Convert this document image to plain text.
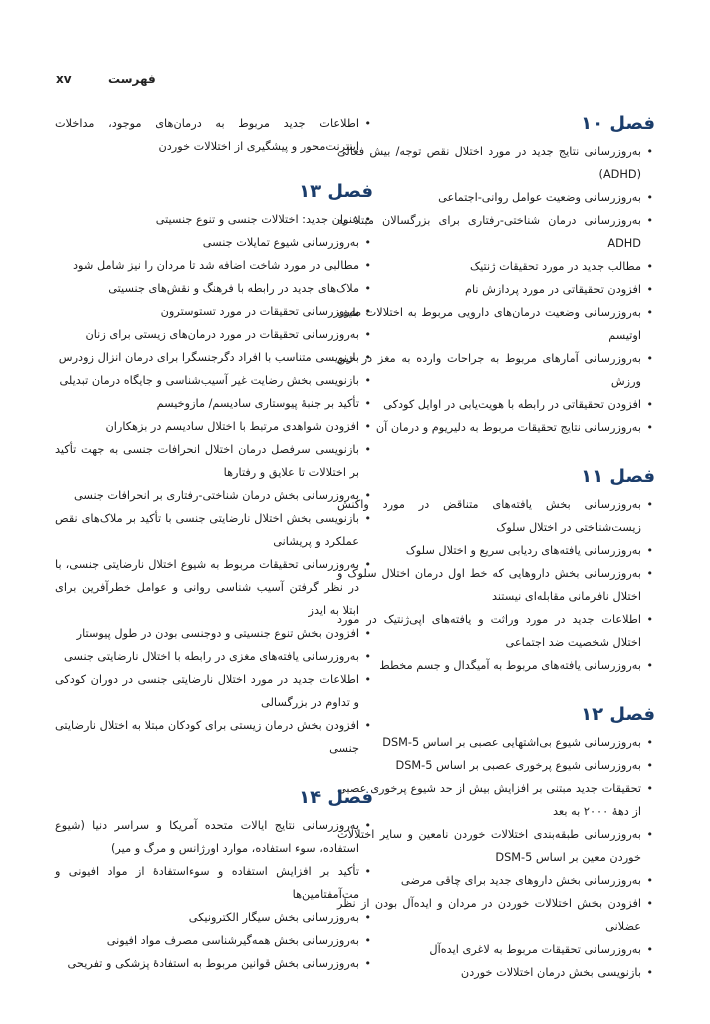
xv	فهرست
فصل ۱۰
• به‌روزرسانی نتایج جدید در مورد اختلال نقص توجه/ بیش فعالی (ADHD)
• به‌روزرسانی وضعیت عوامل روانی-اجتماعی
• به‌روزرسانی درمان شناختی-رفتاری برای بزرگسالان مبتلا به ADHD
• مطالب جدید در مورد تحقیقات ژنتیک
• افزودن تحقیقاتی در مورد پردازش نام
• به‌روزرسانی وضعیت درمان‌های دارویی مربوط به اختلالات طیف اوتیسم
• به‌روزرسانی آمارهای مربوط به جراحات وارده به مغز در حین ورزش
• افزودن تحقیقاتی در رابطه با هویت‌یابی در اوایل کودکی
• به‌روزرسانی نتایج تحقیقات مربوط به دلیریوم و درمان آن
فصل ۱۱
• به‌روزرسانی بخش یافته‌های متناقض در مورد واکنش زیست‌شناختی در اختلال سلوک
• به‌روزرسانی یافته‌های ردیابی سریع و اختلال سلوک
• به‌روزرسانی بخش داروهایی که خط اول درمان اختلال سلوک و اختلال نافرمانی مقابله‌ای نیستند
• اطلاعات جدید در مورد وراثت و یافته‌های اپی‌ژنتیک در مورد اختلال شخصیت ضد اجتماعی
• به‌روزرسانی یافته‌های مربوط به آمیگدال و جسم مخطط
فصل ۱۲
• به‌روزرسانی شیوع بی‌اشتهایی عصبی بر اساس DSM-5
• به‌روزرسانی شیوع پرخوری عصبی بر اساس DSM-5
• تحقیقات جدید مبتنی بر افزایش بیش از حد شیوع پرخوری عصبی از دهۀ ۲۰۰۰ به بعد
• به‌روزرسانی طبقه‌بندی اختلالات خوردن نامعین و سایر اختلالات خوردن معین بر اساس DSM-5
• به‌روزرسانی بخش داروهای جدید برای چاقی مرضی
• افزودن بخش اختلالات خوردن در مردان و ایده‌آل بودن از نظر عضلانی
• به‌روزرسانی تحقیقات مربوط به لاغری ایده‌آل
• بازنویسی بخش درمان اختلالات خوردن
• اطلاعات جدید مربوط به درمان‌های موجود، مداخلات اینترنت‌محور و پیشگیری از اختلالات خوردن
فصل ۱۳
• عنوان جدید: اختلالات جنسی و تنوع جنسیتی
• به‌روزرسانی شیوع تمایلات جنسی
• مطالبی در مورد شاخت اضافه شد تا مردان را نیز شامل شود
• ملاک‌های جدید در رابطه با فرهنگ و نقش‌های جنسیتی
• به‌روزرسانی تحقیقات در مورد تستوسترون
• به‌روزرسانی تحقیقات در مورد درمان‌های زیستی برای زنان
• بازنویسی متناسب با افراد دگرجنسگرا برای درمان انزال زودرس
• بازنویسی بخش رضایت غیر آسیب‌شناسی و جایگاه درمان تبدیلی
• تأکید بر جنبۀ پیوستاری سادیسم/ مازوخیسم
• افزودن شواهدی مرتبط با اختلال سادیسم در بزهکاران
• بازنویسی سرفصل درمان اختلال انحرافات جنسی به جهت تأکید بر اختلالات تا علایق و رفتارها
• به‌روزرسانی بخش درمان شناختی-رفتاری بر انحرافات جنسی
• بازنویسی بخش اختلال نارضایتی جنسی با تأکید بر ملاک‌های نقص عملکرد و پریشانی
• به‌روزرسانی تحقیقات مربوط به شیوع اختلال نارضایتی جنسی، با در نظر گرفتن آسیب شناسی روانی و عوامل خطرآفرین برای ابتلا به ایدز
• افزودن بخش تنوع جنسیتی و دوجنسی بودن در طول پیوستار
• به‌روزرسانی یافته‌های مغزی در رابطه با اختلال نارضایتی جنسی
• اطلاعات جدید در مورد اختلال نارضایتی جنسی در دوران کودکی و تداوم در بزرگسالی
• افزودن بخش درمان زیستی برای کودکان مبتلا به اختلال نارضایتی جنسی
فصل ۱۴
• به‌روزرسانی نتایج ایالات متحده آمریکا و سراسر دنیا (شیوع استفاده، سوء استفاده، موارد اورژانس و مرگ و میر)
• تأکید بر افزایش استفاده و سوءاستفادۀ از مواد افیونی و مت‌آمفتامین‌ها
• به‌روزرسانی بخش سیگار الکترونیکی
• به‌روزرسانی بخش همه‌گیرشناسی مصرف مواد افیونی
• به‌روزرسانی بخش قوانین مربوط به استفادۀ پزشکی و تفریحی
